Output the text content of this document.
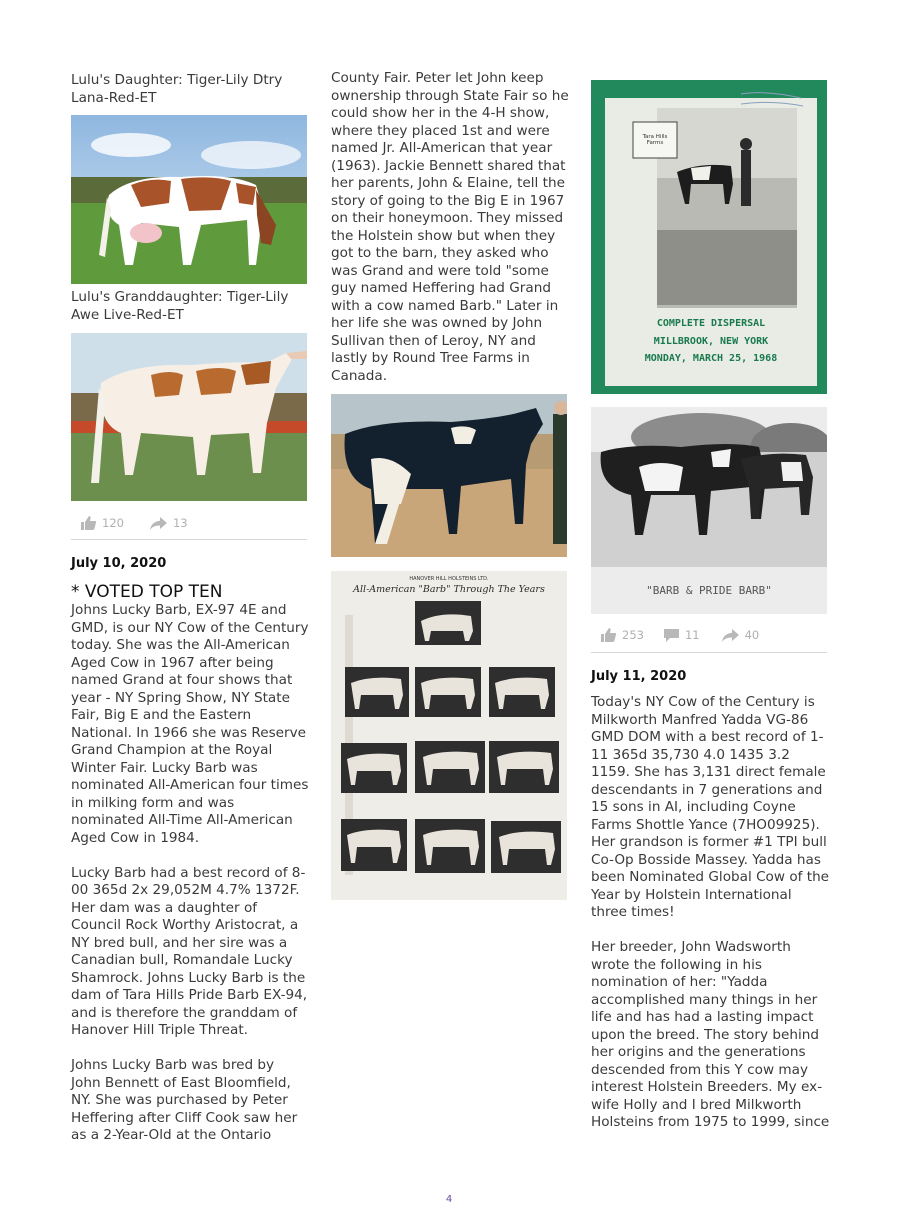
Lulu's Daughter: Tiger-Lily Dtry Lana-Red-ET

Lulu's Granddaughter: Tiger-Lily Awe Live-Red-ET

120	13

July 10, 2020

* VOTED TOP TEN

Johns Lucky Barb, EX-97 4E and GMD, is our NY Cow of the Century today. She was the All-American Aged Cow in 1967 after being named Grand at four shows that year - NY Spring Show, NY State Fair, Big E and the Eastern National. In 1966 she was Reserve Grand Champion at the Royal Winter Fair. Lucky Barb was nominated All-American four times in milking form and was nominated All-Time All-American Aged Cow in 1984.

Lucky Barb had a best record of 8-00 365d 2x 29,052M 4.7% 1372F. Her dam was a daughter of Council Rock Worthy Aristocrat, a NY bred bull, and her sire was a Canadian bull, Romandale Lucky Shamrock. Johns Lucky Barb is the dam of Tara Hills Pride Barb EX-94, and is therefore the granddam of Hanover Hill Triple Threat.

Johns Lucky Barb was bred by John Bennett of East Bloomfield, NY. She was purchased by Peter Heffering after Cliff Cook saw her as a 2-Year-Old at the Ontario

County Fair. Peter let John keep ownership through State Fair so he could show her in the 4-H show, where they placed 1st and were named Jr. All-American that year (1963). Jackie Bennett shared that her parents, John & Elaine, tell the story of going to the Big E in 1967 on their honeymoon. They missed the Holstein show but when they got to the barn, they asked who was Grand and were told "some guy named Heffering had Grand with a cow named Barb." Later in her life she was owned by John Sullivan then of Leroy, NY and lastly by Round Tree Farms in Canada.

HANOVER HILL HOLSTEINS LTD.
All-American "Barb" Through The Years
Tara Hills Farms
COMPLETE DISPERSAL
MILLBROOK, NEW YORK
MONDAY, MARCH 25, 1968
"BARB & PRIDE BARB"
253	11	40

July 11, 2020

Today's NY Cow of the Century is Milkworth Manfred Yadda VG-86 GMD DOM with a best record of 1-11 365d 35,730 4.0 1435 3.2 1159. She has 3,131 direct female descendants in 7 generations and 15 sons in AI, including Coyne Farms Shottle Yance (7HO09925). Her grandson is former #1 TPI bull Co-Op Bosside Massey. Yadda has been Nominated Global Cow of the Year by Holstein International three times!

Her breeder, John Wadsworth wrote the following in his nomination of her: "Yadda accomplished many things in her life and has had a lasting impact upon the breed. The story behind her origins and the generations descended from this Y cow may interest Holstein Breeders. My ex-wife Holly and I bred Milkworth Holsteins from 1975 to 1999, since

4
